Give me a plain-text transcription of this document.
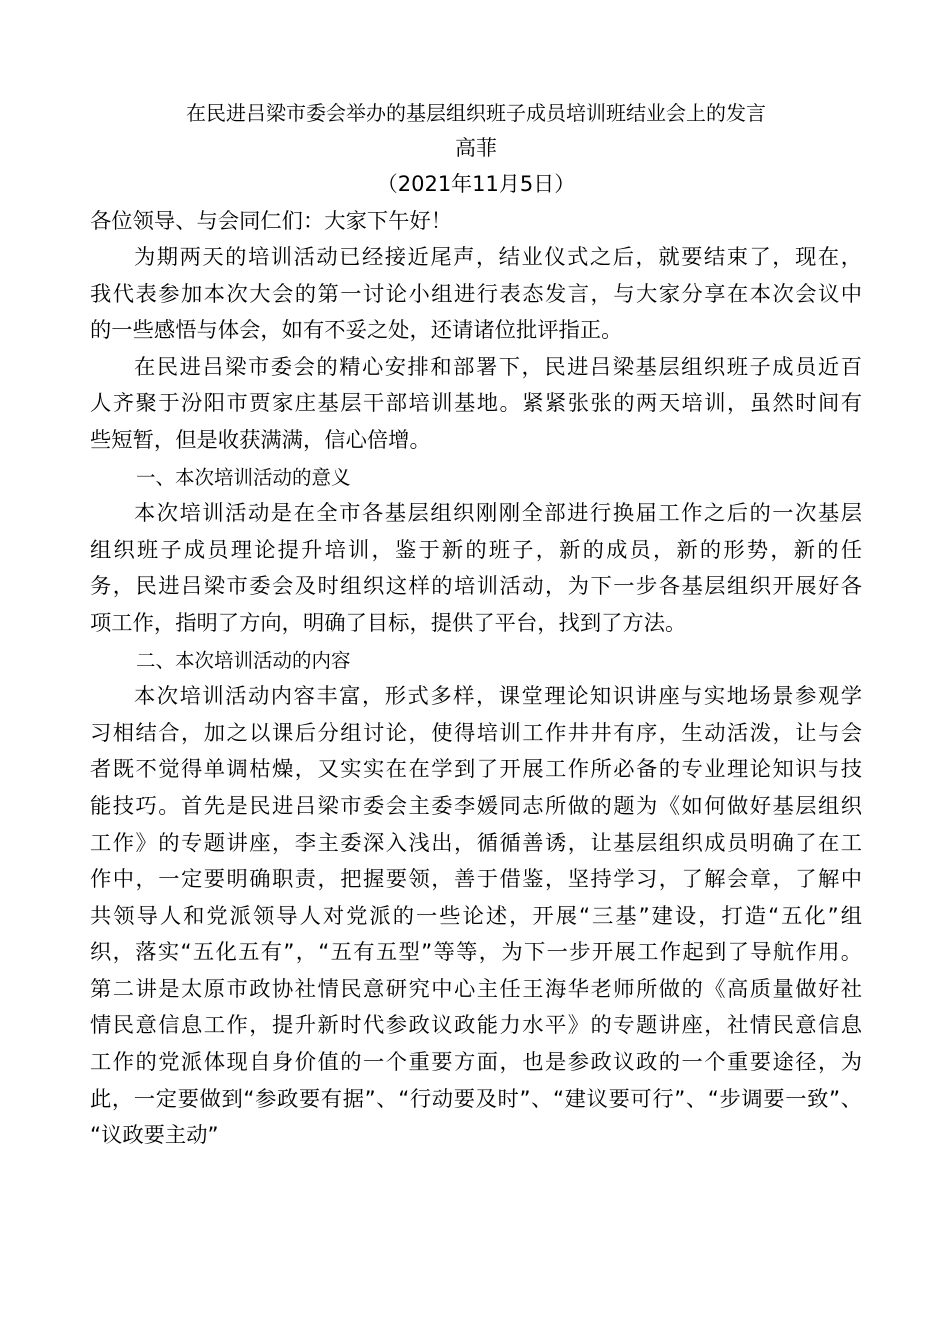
在民进吕梁市委会举办的基层组织班子成员培训班结业会上的发言
高菲
（2021年11月5日）
各位领导、与会同仁们：大家下午好！
为期两天的培训活动已经接近尾声，结业仪式之后，就要结束了，现在，
我代表参加本次大会的第一讨论小组进行表态发言，与大家分享在本次会议中
的一些感悟与体会，如有不妥之处，还请诸位批评指正。
在民进吕梁市委会的精心安排和部署下，民进吕梁基层组织班子成员近百
人齐聚于汾阳市贾家庄基层干部培训基地。紧紧张张的两天培训，虽然时间有
些短暂，但是收获满满，信心倍增。
一、本次培训活动的意义
本次培训活动是在全市各基层组织刚刚全部进行换届工作之后的一次基层
组织班子成员理论提升培训，鉴于新的班子，新的成员，新的形势，新的任
务，民进吕梁市委会及时组织这样的培训活动，为下一步各基层组织开展好各
项工作，指明了方向，明确了目标，提供了平台，找到了方法。
二、本次培训活动的内容
本次培训活动内容丰富，形式多样，课堂理论知识讲座与实地场景参观学
习相结合，加之以课后分组讨论，使得培训工作井井有序，生动活泼，让与会
者既不觉得单调枯燥，又实实在在学到了开展工作所必备的专业理论知识与技
能技巧。首先是民进吕梁市委会主委李媛同志所做的题为《如何做好基层组织
工作》的专题讲座，李主委深入浅出，循循善诱，让基层组织成员明确了在工
作中，一定要明确职责，把握要领，善于借鉴，坚持学习，了解会章，了解中
共领导人和党派领导人对党派的一些论述，开展“三基”建设，打造“五化”组
织，落实“五化五有”，“五有五型”等等，为下一步开展工作起到了导航作用。
第二讲是太原市政协社情民意研究中心主任王海华老师所做的《高质量做好社
情民意信息工作，提升新时代参政议政能力水平》的专题讲座，社情民意信息
工作的党派体现自身价值的一个重要方面，也是参政议政的一个重要途径，为
此，一定要做到“参政要有据”、“行动要及时”、“建议要可行”、“步调要一致”、
“议政要主动”
